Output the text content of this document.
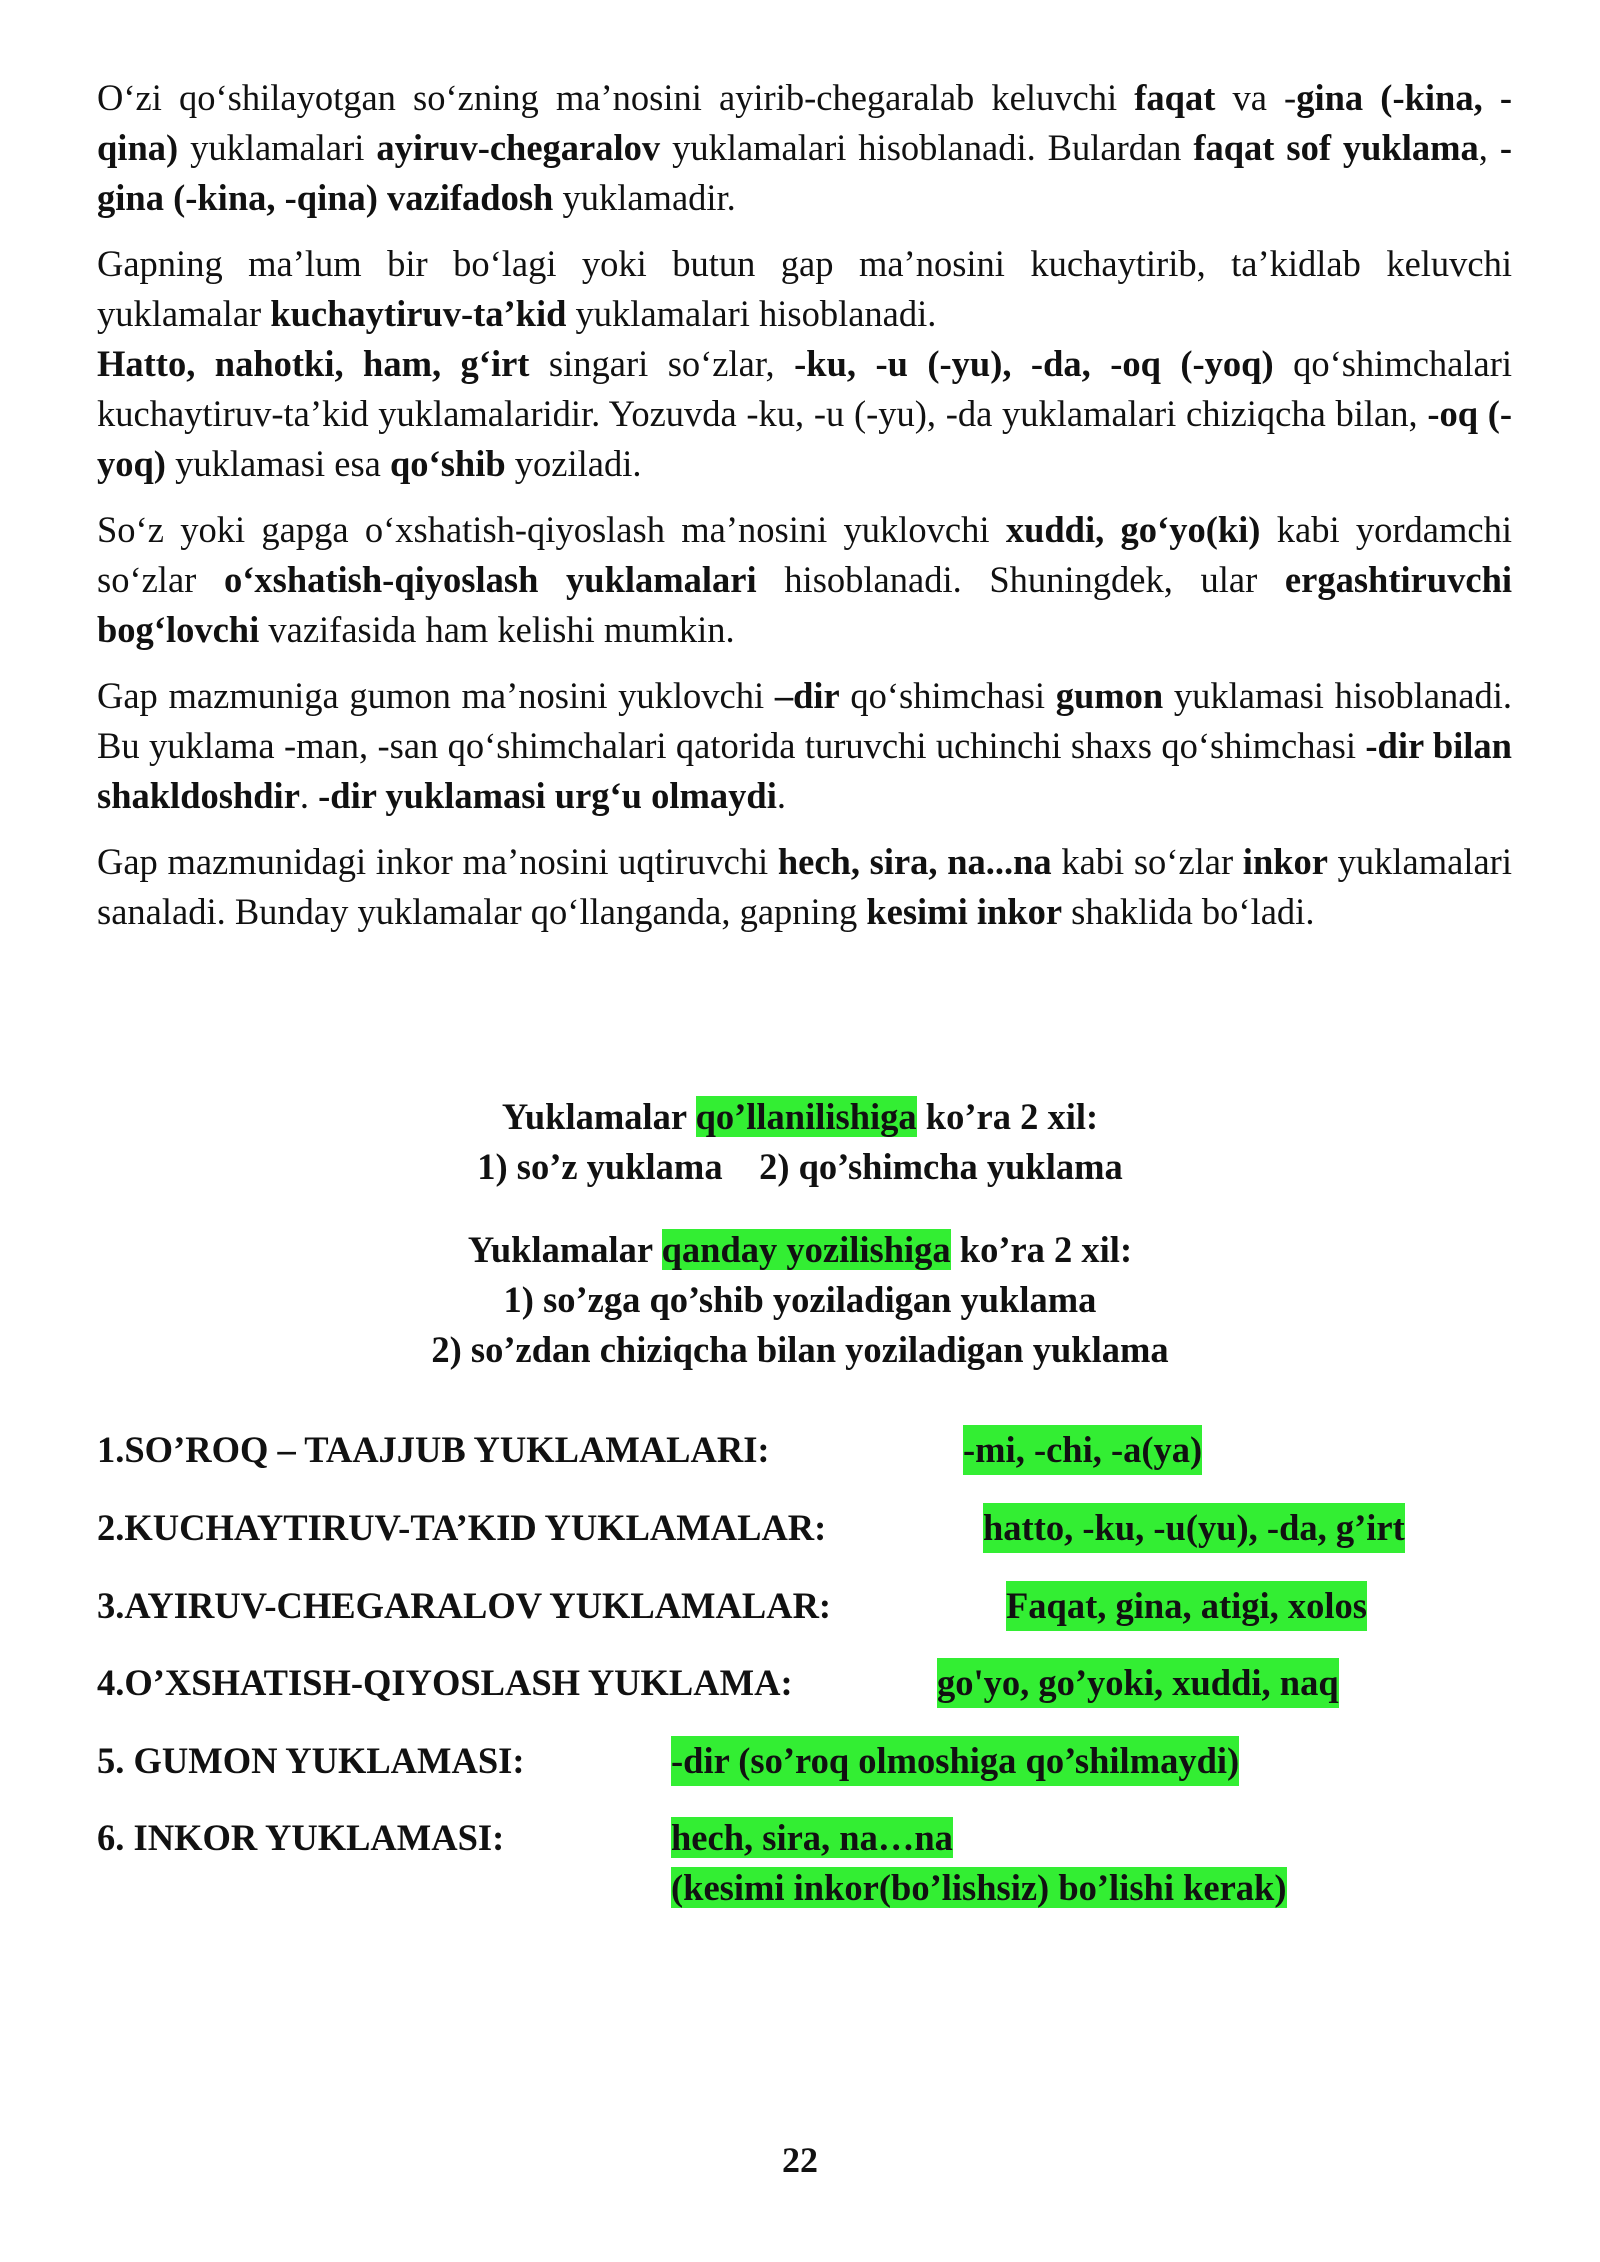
O‘zi qo‘shilayotgan so‘zning ma’nosini ayirib-chegaralab keluvchi faqat va -gina (-kina, -qina) yuklamalari ayiruv-chegaralov yuklamalari hisoblanadi. Bulardan faqat sof yuklama, -gina (-kina, -qina) vazifadosh yuklamadir.

Gapning ma’lum bir bo‘lagi yoki butun gap ma’nosini kuchaytirib, ta’kidlab keluvchi yuklamalar kuchaytiruv-ta’kid yuklamalari hisoblanadi.
Hatto, nahotki, ham, g‘irt singari so‘zlar, -ku, -u (-yu), -da, -oq (-yoq) qo‘shimchalari kuchaytiruv-ta’kid yuklamalaridir. Yozuvda -ku, -u (-yu), -da yuklamalari chiziqcha bilan, -oq (-yoq) yuklamasi esa qo‘shib yoziladi.

So‘z yoki gapga o‘xshatish-qiyoslash ma’nosini yuklovchi xuddi, go‘yo(ki) kabi yordamchi so‘zlar o‘xshatish-qiyoslash yuklamalari hisoblanadi. Shuningdek, ular ergashtiruvchi bog‘lovchi vazifasida ham kelishi mumkin.

Gap mazmuniga gumon ma’nosini yuklovchi –dir qo‘shimchasi gumon yuklamasi hisoblanadi. Bu yuklama -man, -san qo‘shimchalari qatorida turuvchi uchinchi shaxs qo‘shimchasi -dir bilan shakldoshdir. -dir yuklamasi urg‘u olmaydi.

Gap mazmunidagi inkor ma’nosini uqtiruvchi hech, sira, na...na kabi so‘zlar inkor yuklamalari sanaladi. Bunday yuklamalar qo‘llanganda, gapning kesimi inkor shaklida bo‘ladi.

Yuklamalar qo’llanilishiga ko’ra 2 xil:
1) so’z yuklama    2) qo’shimcha yuklama
Yuklamalar qanday yozilishiga ko’ra 2 xil:
1) so’zga qo’shib yoziladigan yuklama
2) so’zdan chiziqcha bilan yoziladigan yuklama
1.SO’ROQ – TAAJJUB YUKLAMALARI:	-mi, -chi, -a(ya)
2.KUCHAYTIRUV-TA’KID YUKLAMALAR:	hatto, -ku, -u(yu), -da, g’irt
3.AYIRUV-CHEGARALOV YUKLAMALAR:	Faqat, gina, atigi, xolos
4.O’XSHATISH-QIYOSLASH YUKLAMA:	go'yo, go’yoki, xuddi, naq
5. GUMON YUKLAMASI:	-dir (so’roq olmoshiga qo’shilmaydi)
6. INKOR YUKLAMASI:	hech, sira, na…na
(kesimi inkor(bo’lishsiz) bo’lishi kerak)
22
